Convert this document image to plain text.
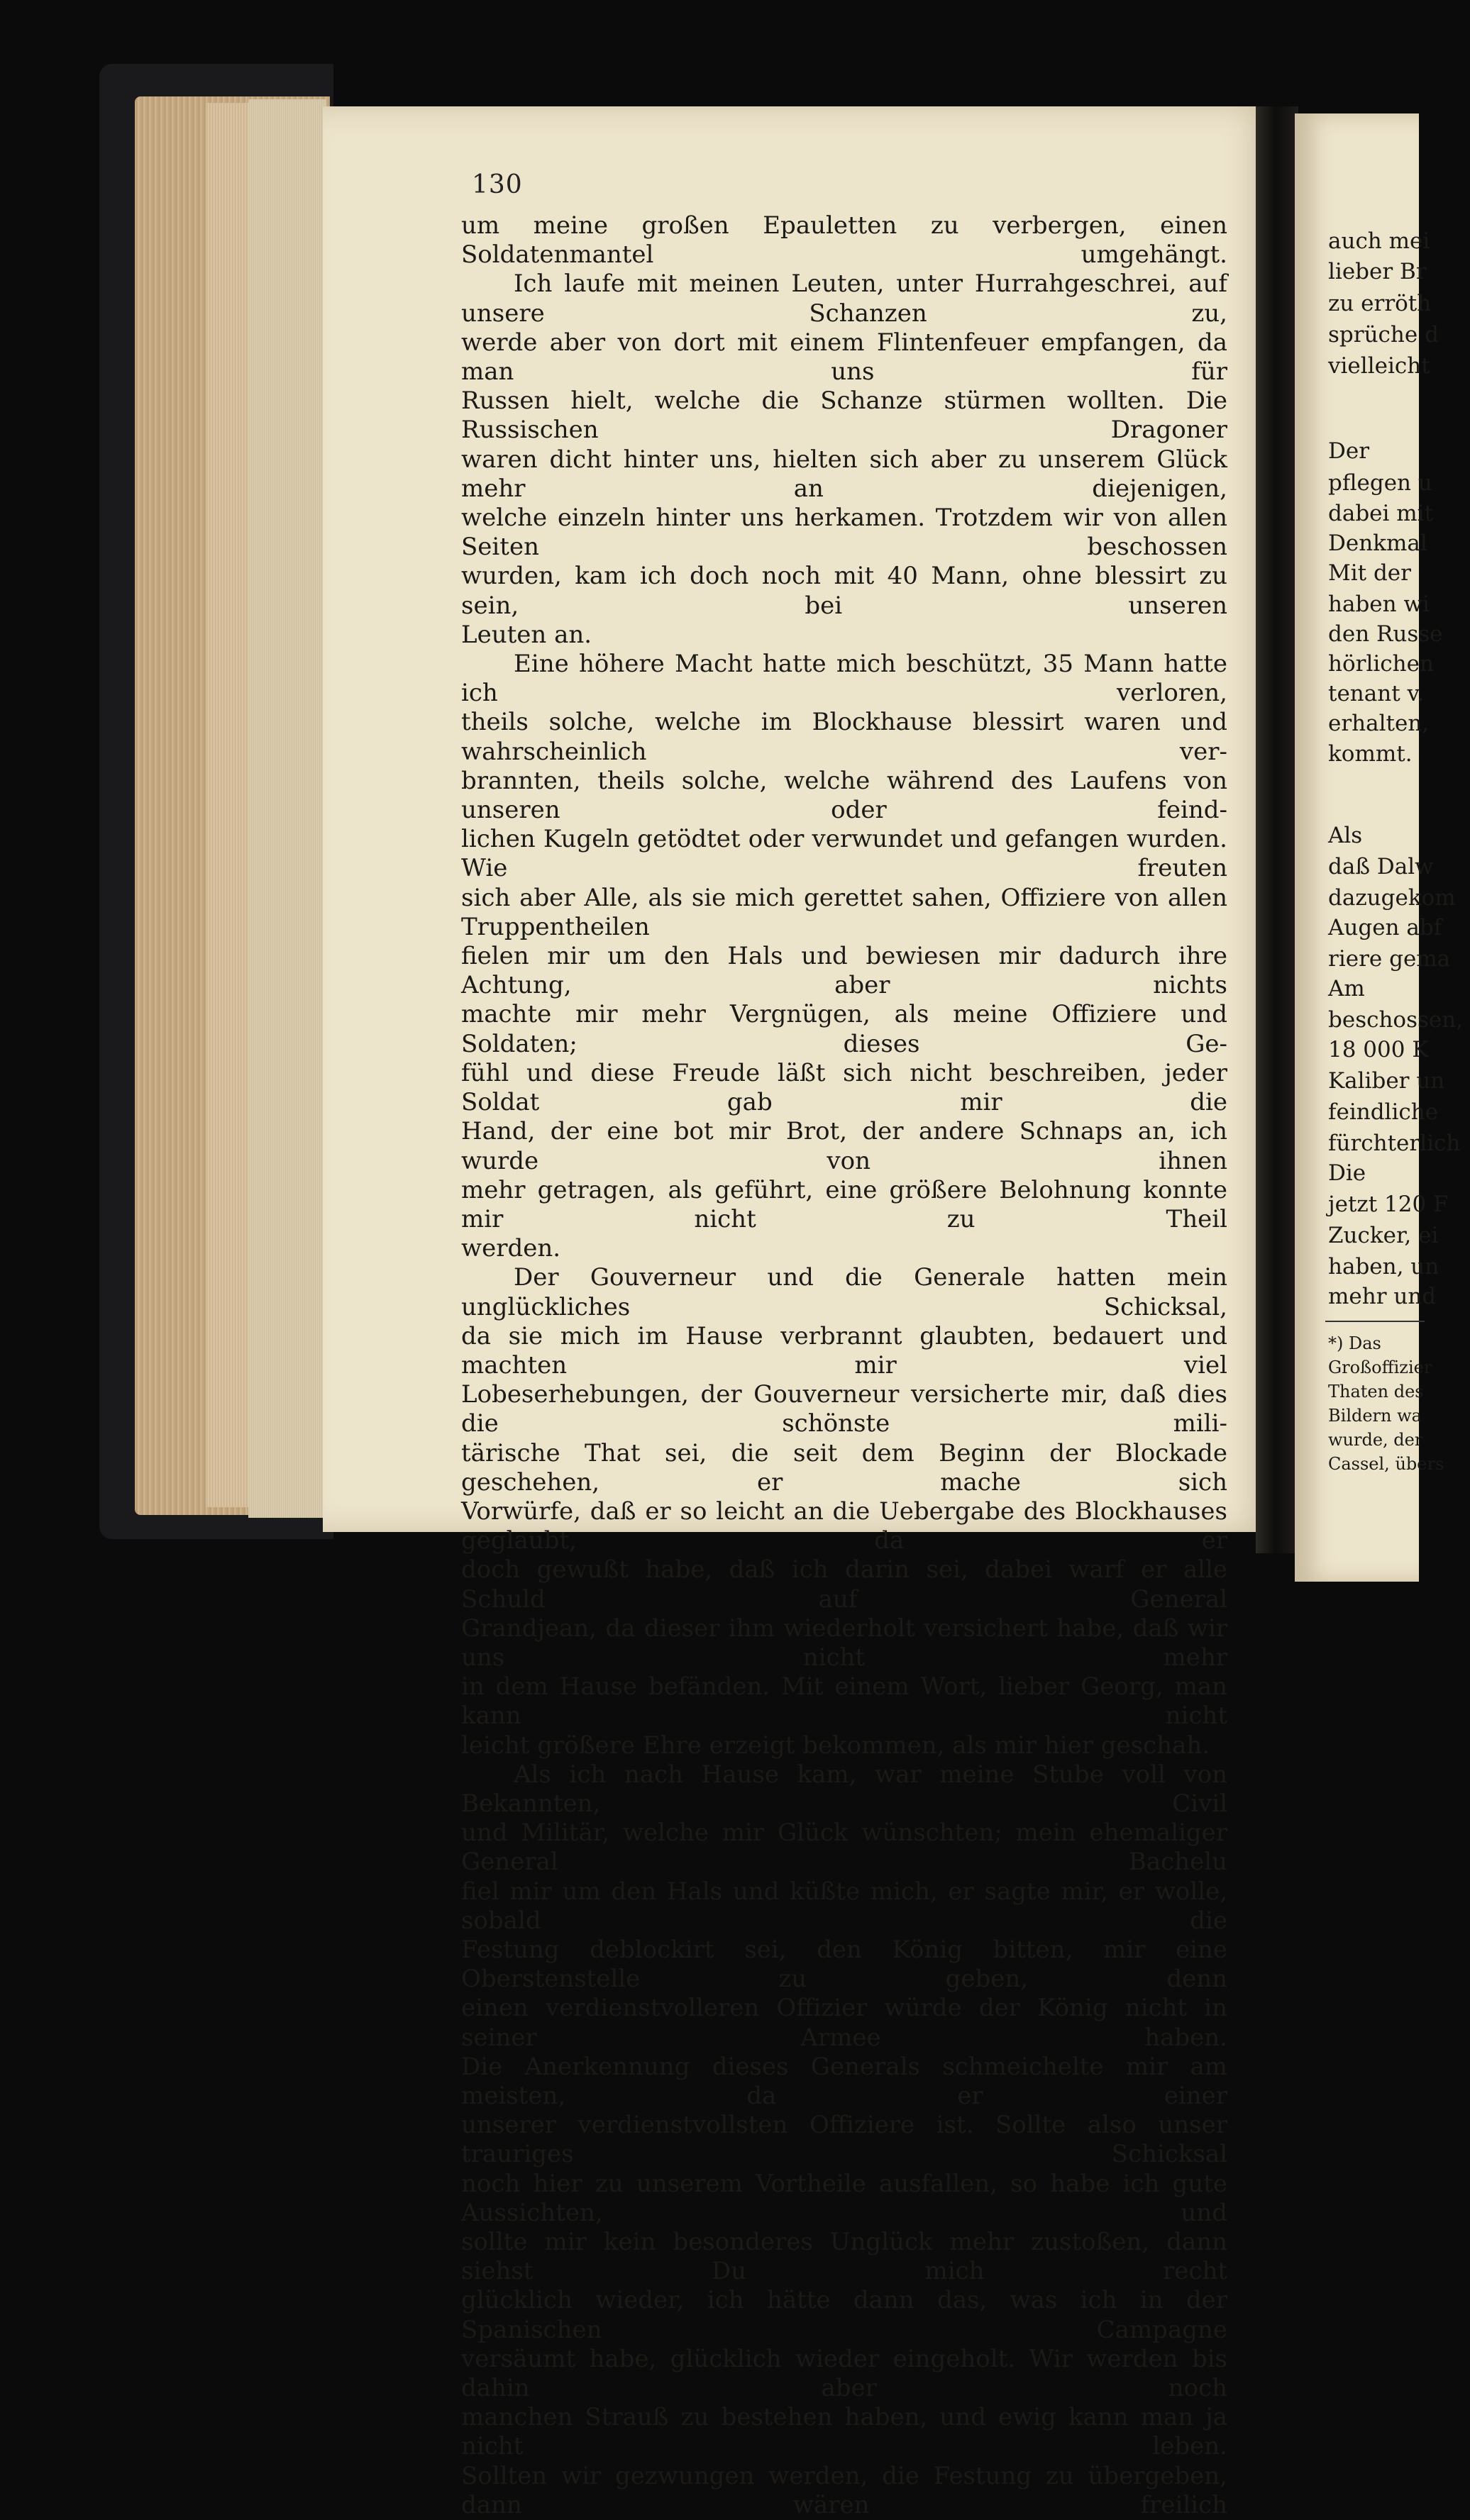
130

um meine großen Epauletten zu verbergen, einen Soldatenmantel umgehängt.

Ich laufe mit meinen Leuten, unter Hurrahgeschrei, auf unsere Schanzen zu,

werde aber von dort mit einem Flintenfeuer empfangen, da man uns für

Russen hielt, welche die Schanze stürmen wollten. Die Russischen Dragoner

waren dicht hinter uns, hielten sich aber zu unserem Glück mehr an diejenigen,

welche einzeln hinter uns herkamen. Trotzdem wir von allen Seiten beschossen

wurden, kam ich doch noch mit 40 Mann, ohne blessirt zu sein, bei unseren

Leuten an.

Eine höhere Macht hatte mich beschützt, 35 Mann hatte ich verloren,

theils solche, welche im Blockhause blessirt waren und wahrscheinlich ver-

brannten, theils solche, welche während des Laufens von unseren oder feind-

lichen Kugeln getödtet oder verwundet und gefangen wurden. Wie freuten

sich aber Alle, als sie mich gerettet sahen, Offiziere von allen Truppentheilen

fielen mir um den Hals und bewiesen mir dadurch ihre Achtung, aber nichts

machte mir mehr Vergnügen, als meine Offiziere und Soldaten; dieses Ge-

fühl und diese Freude läßt sich nicht beschreiben, jeder Soldat gab mir die

Hand, der eine bot mir Brot, der andere Schnaps an, ich wurde von ihnen

mehr getragen, als geführt, eine größere Belohnung konnte mir nicht zu Theil

werden.

Der Gouverneur und die Generale hatten mein unglückliches Schicksal,

da sie mich im Hause verbrannt glaubten, bedauert und machten mir viel

Lobeserhebungen, der Gouverneur versicherte mir, daß dies die schönste mili-

tärische That sei, die seit dem Beginn der Blockade geschehen, er mache sich

Vorwürfe, daß er so leicht an die Uebergabe des Blockhauses geglaubt, da er

doch gewußt habe, daß ich darin sei, dabei warf er alle Schuld auf General

Grandjean, da dieser ihm wiederholt versichert habe, daß wir uns nicht mehr

in dem Hause befänden. Mit einem Wort, lieber Georg, man kann nicht

leicht größere Ehre erzeigt bekommen, als mir hier geschah.

Als ich nach Hause kam, war meine Stube voll von Bekannten, Civil

und Militär, welche mir Glück wünschten; mein ehemaliger General Bachelu

fiel mir um den Hals und küßte mich, er sagte mir, er wolle, sobald die

Festung deblockirt sei, den König bitten, mir eine Oberstenstelle zu geben, denn

einen verdienstvolleren Offizier würde der König nicht in seiner Armee haben.

Die Anerkennung dieses Generals schmeichelte mir am meisten, da er einer

unserer verdienstvollsten Offiziere ist. Sollte also unser trauriges Schicksal

noch hier zu unserem Vortheile ausfallen, so habe ich gute Aussichten, und

sollte mir kein besonderes Unglück mehr zustoßen, dann siehst Du mich recht

glücklich wieder, ich hätte dann das, was ich in der Spanischen Campagne

versäumt habe, glücklich wieder eingeholt. Wir werden bis dahin aber noch

manchen Strauß zu bestehen haben, und ewig kann man ja nicht leben.

Sollten wir gezwungen werden, die Festung zu übergeben, dann wären freilich

auch mei
lieber Br
zu erröth
sprüche d
vielleicht
Der
pflegen u
dabei mit
Denkmal
Mit der
haben wi
den Russe
hörlichen
tenant v.
erhalten,
kommt.
Als
daß Dalw
dazugekom
Augen abf
riere gema
Am
beschossen,
18 000 K
Kaliber un
feindliche
fürchterlich
Die
jetzt 120 F
Zucker, ei
haben, un
mehr und
*) Das
Großoffizier
Thaten des
Bildern wa
wurde, der
Cassel, übers
